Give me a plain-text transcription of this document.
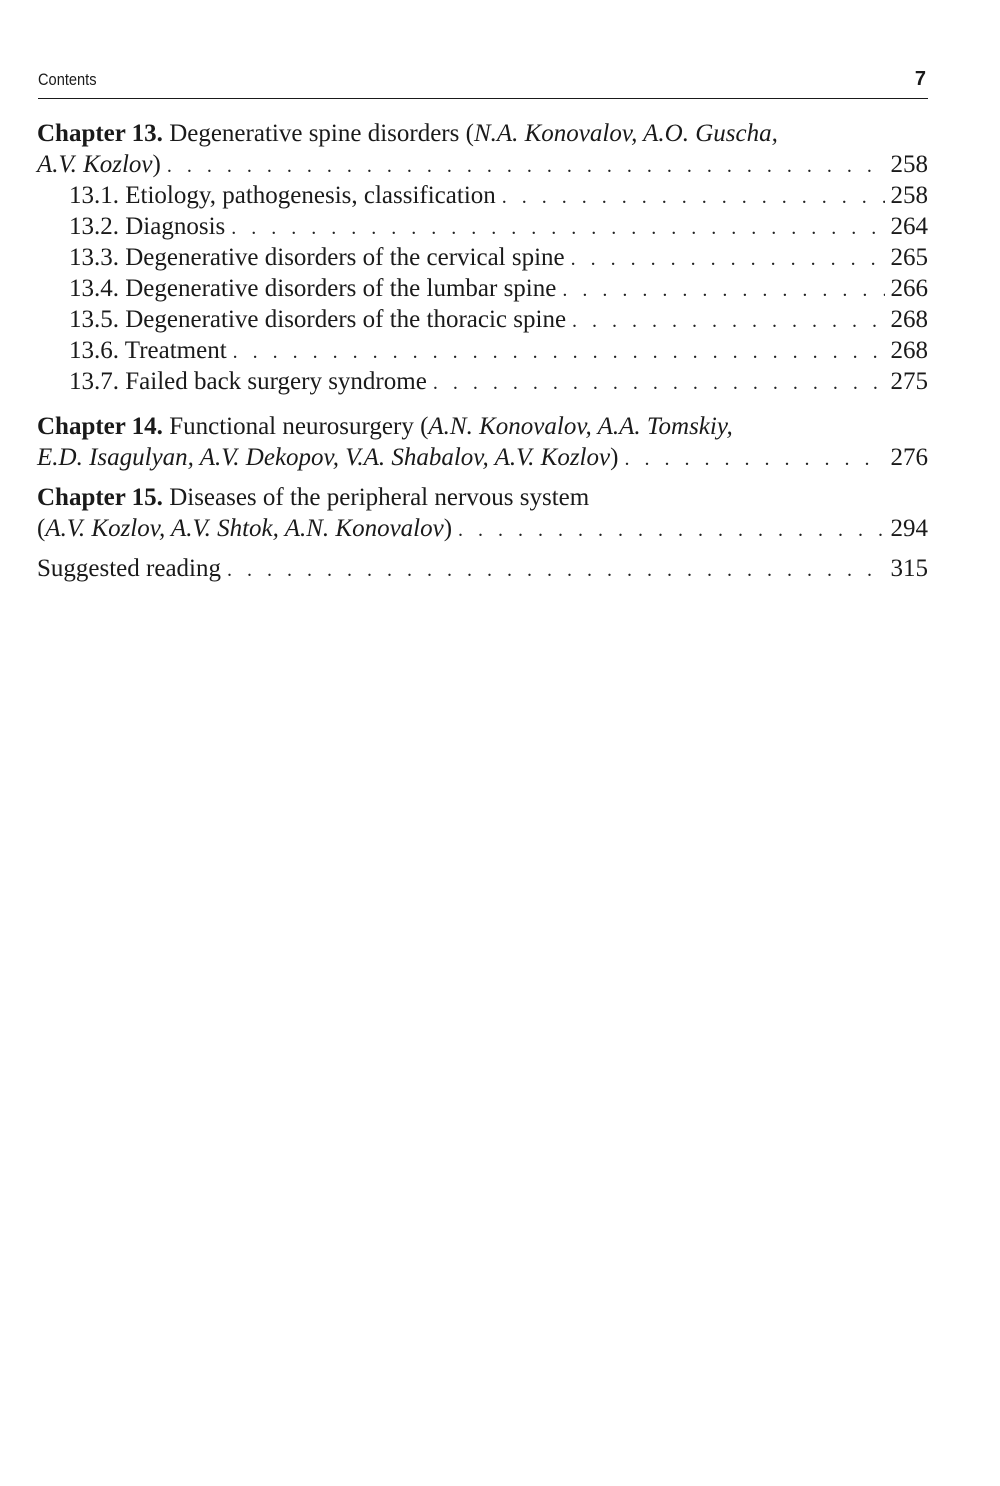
Contents	7
Chapter 13. Degenerative spine disorders (N.A. Konovalov, A.O. Guscha,
A.V. Kozlov) . . .	258
13.1. Etiology, pathogenesis, classification . . .	258
13.2. Diagnosis . . .	264
13.3. Degenerative disorders of the cervical spine . . .	265
13.4. Degenerative disorders of the lumbar spine . . .	266
13.5. Degenerative disorders of the thoracic spine . . .	268
13.6. Treatment . . .	268
13.7. Failed back surgery syndrome . . .	275
Chapter 14. Functional neurosurgery (A.N. Konovalov, A.A. Tomskiy,
E.D. Isagulyan, A.V. Dekopov, V.A. Shabalov, A.V. Kozlov) . . .	276
Chapter 15. Diseases of the peripheral nervous system
(A.V. Kozlov, A.V. Shtok, A.N. Konovalov) . . .	294
Suggested reading . . .	315
